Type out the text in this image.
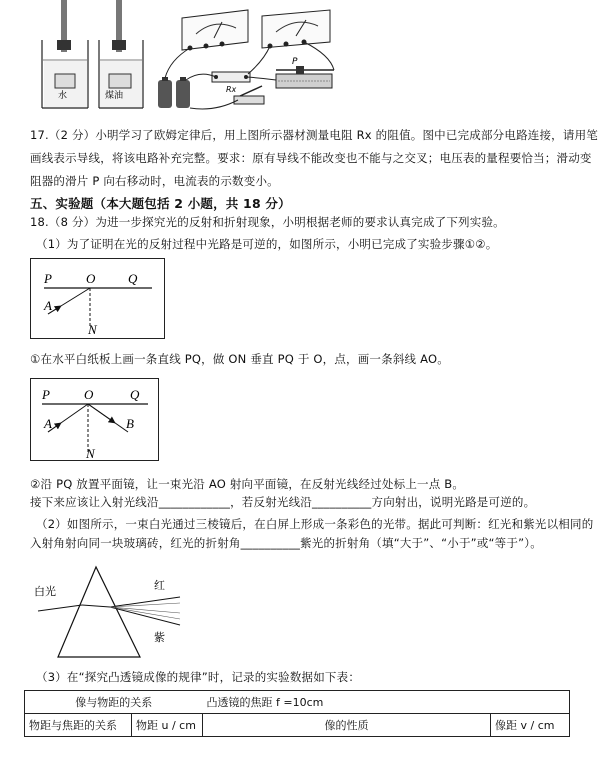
水	煤油
Rx
P
17.（2 分）小明学习了欧姆定律后，用上图所示器材测量电阻 Rx 的阻值。图中已完成部分电路连接，请用笔
画线表示导线，将该电路补充完整。要求：原有导线不能改变也不能与之交叉；电压表的量程要恰当；滑动变
阻器的滑片 P 向右移动时，电流表的示数变小。
五、实验题（本大题包括 2 小题，共 18 分）
18.（8 分）为进一步探究光的反射和折射现象，小明根据老师的要求认真完成了下列实验。
（1）为了证明在光的反射过程中光路是可逆的，如图所示，小明已完成了实验步骤①②。
P	O	Q
A
N
①在水平白纸板上画一条直线 PQ，做 ON 垂直 PQ 于 O，点，画一条斜线 AO。
P	O	Q
A	B
N
②沿 PQ 放置平面镜，让一束光沿 AO 射向平面镜，在反射光线经过处标上一点 B。
接下来应该让入射光线沿____________，若反射光线沿__________方向射出，说明光路是可逆的。
（2）如图所示，一束白光通过三棱镜后，在白屏上形成一条彩色的光带。据此可判断：红光和紫光以相同的
入射角射向同一块玻璃砖，红光的折射角__________紫光的折射角（填“大于”、“小于”或“等于”）。
白光	红
紫
（3）在“探究凸透镜成像的规律”时，记录的实验数据如下表：
像与物距的关系		凸透镜的焦距 f =10cm	
物距与焦距的关系	物距 u / cm	像的性质	像距 v / cm
